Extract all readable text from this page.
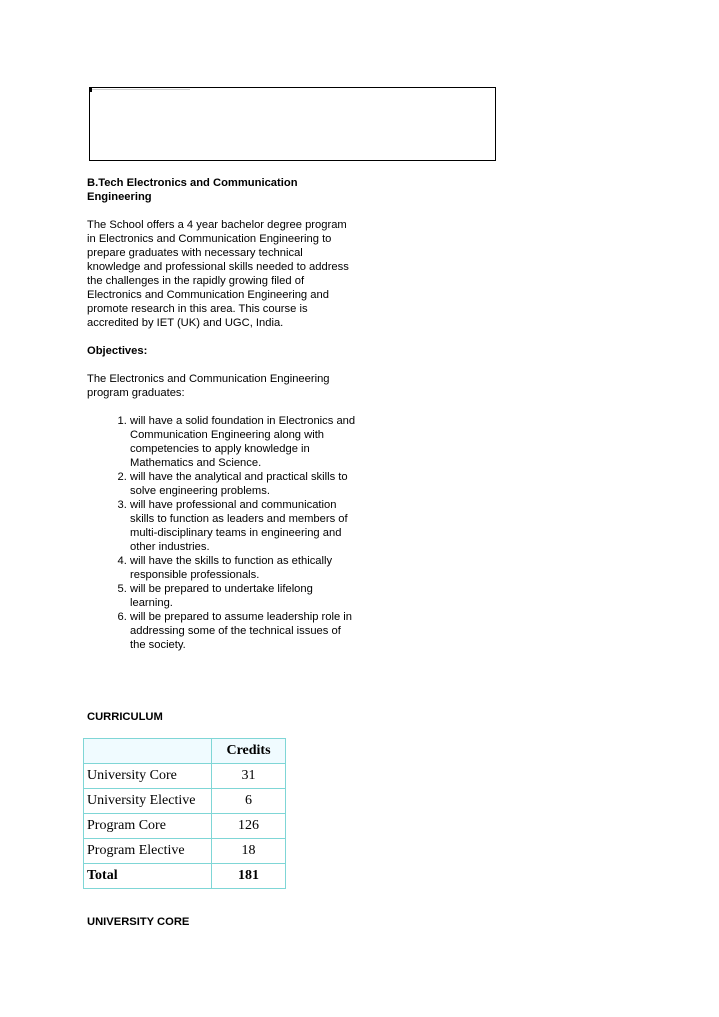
B.Tech Electronics and Communication Engineering

The School offers a 4 year bachelor degree program in Electronics and Communication Engineering to prepare graduates with necessary technical knowledge and professional skills needed to address the challenges in the rapidly growing filed of Electronics and Communication Engineering and promote research in this area. This course is accredited by IET (UK) and UGC, India.

Objectives:

The Electronics and Communication Engineering program graduates:

1. will have a solid foundation in Electronics and Communication Engineering along with competencies to apply knowledge in Mathematics and Science.
2. will have the analytical and practical skills to solve engineering problems.
3. will have professional and communication skills to function as leaders and members of multi-disciplinary teams in engineering and other industries.
4. will have the skills to function as ethically responsible professionals.
5. will be prepared to undertake lifelong learning.
6. will be prepared to assume leadership role in addressing some of the technical issues of the society.
CURRICULUM
	Credits
University Core	31
University Elective	6
Program Core	126
Program Elective	18
Total	181
UNIVERSITY CORE
